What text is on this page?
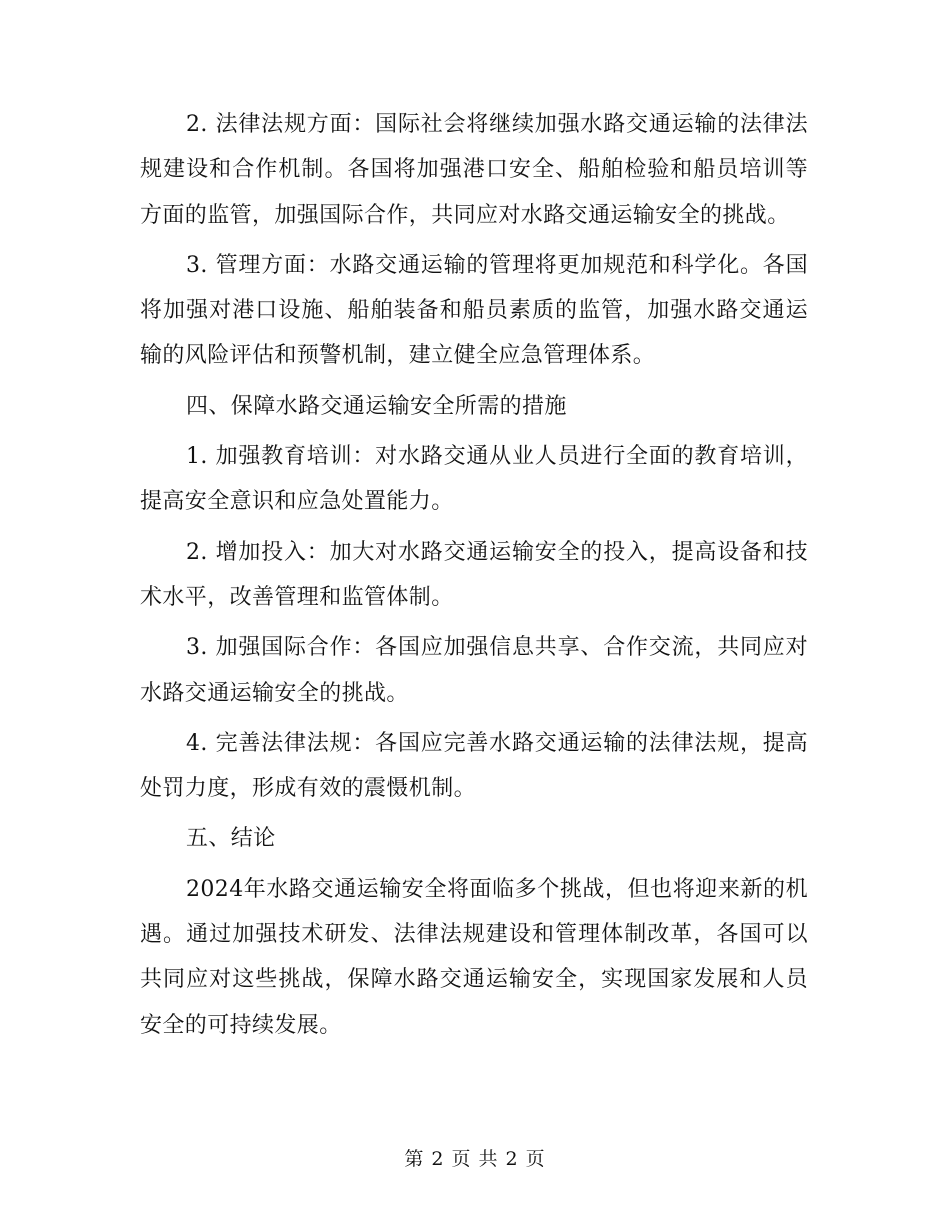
2. 法律法规方面：国际社会将继续加强水路交通运输的法律法规建设和合作机制。各国将加强港口安全、船舶检验和船员培训等方面的监管，加强国际合作，共同应对水路交通运输安全的挑战。

3. 管理方面：水路交通运输的管理将更加规范和科学化。各国将加强对港口设施、船舶装备和船员素质的监管，加强水路交通运输的风险评估和预警机制，建立健全应急管理体系。

四、保障水路交通运输安全所需的措施

1. 加强教育培训：对水路交通从业人员进行全面的教育培训，提高安全意识和应急处置能力。

2. 增加投入：加大对水路交通运输安全的投入，提高设备和技术水平，改善管理和监管体制。

3. 加强国际合作：各国应加强信息共享、合作交流，共同应对水路交通运输安全的挑战。

4. 完善法律法规：各国应完善水路交通运输的法律法规，提高处罚力度，形成有效的震慑机制。

五、结论

2024年水路交通运输安全将面临多个挑战，但也将迎来新的机遇。通过加强技术研发、法律法规建设和管理体制改革，各国可以共同应对这些挑战，保障水路交通运输安全，实现国家发展和人员安全的可持续发展。

第 2 页 共 2 页
